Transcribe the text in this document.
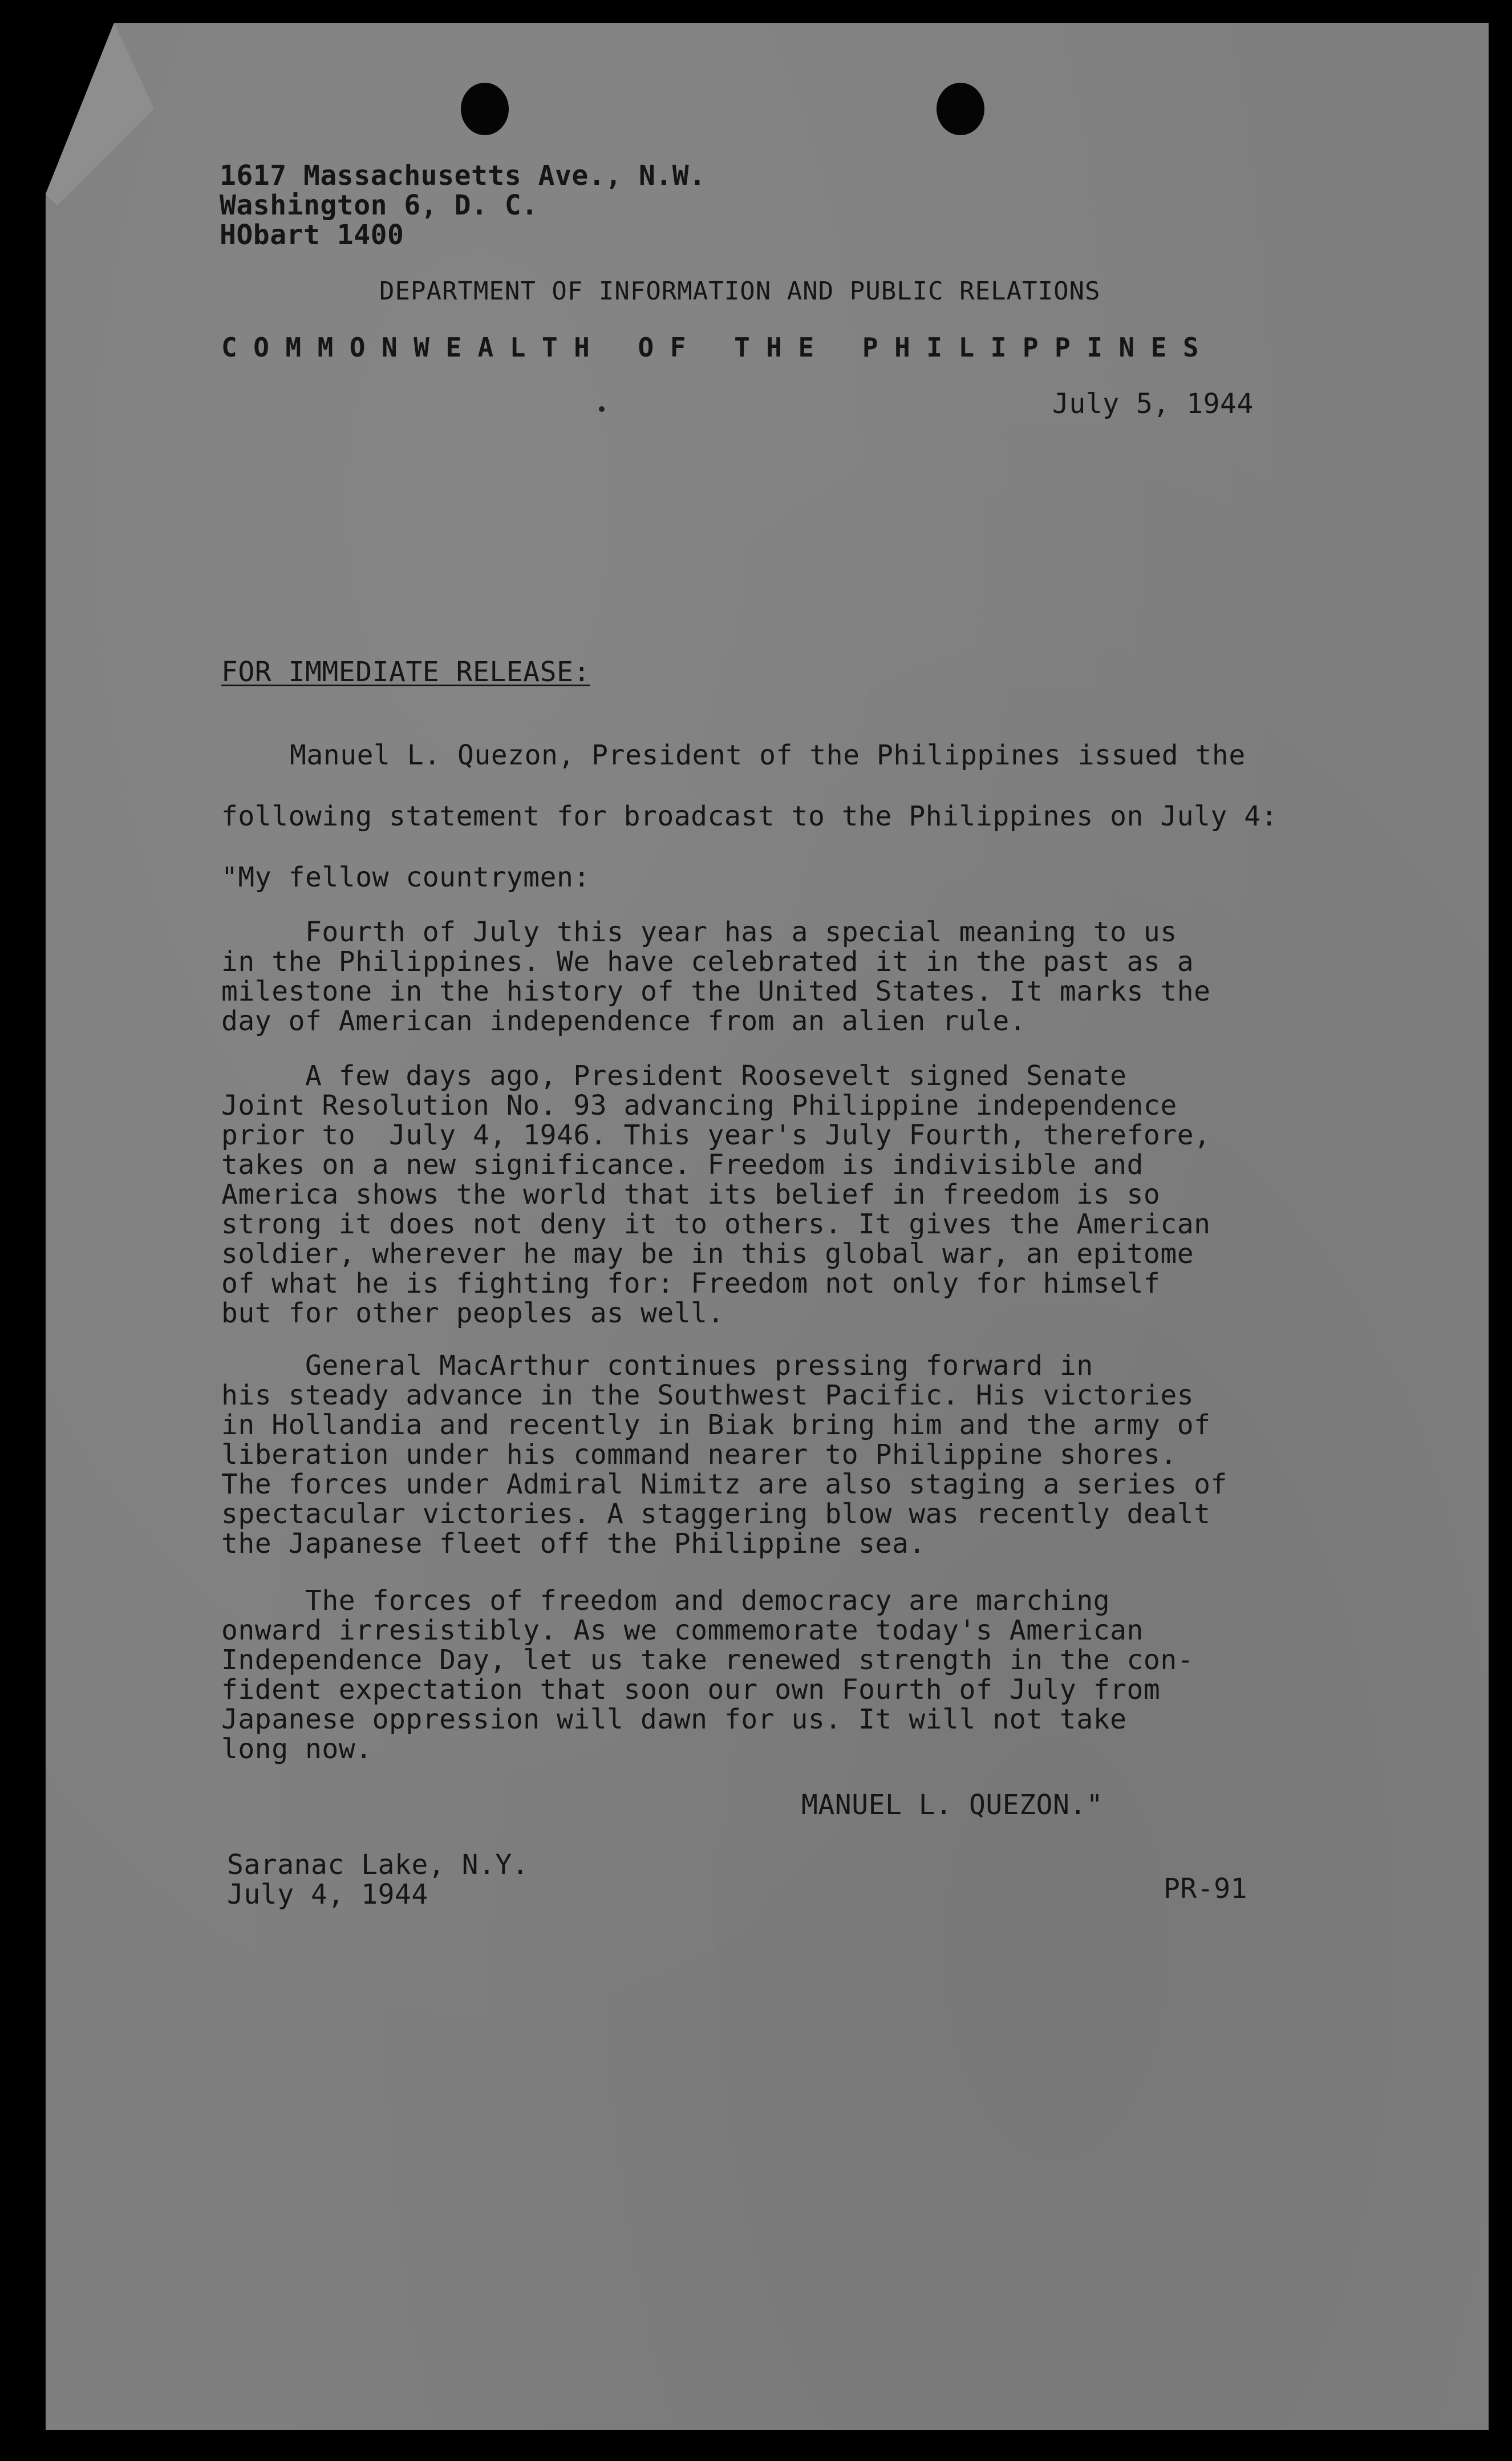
1617 Massachusetts Ave., N.W.
Washington 6, D. C.
HObart 1400
DEPARTMENT OF INFORMATION AND PUBLIC RELATIONS
COMMONWEALTH OF THE PHILIPPINES
July 5, 1944
FOR IMMEDIATE RELEASE:
Manuel L. Quezon, President of the Philippines issued the
following statement for broadcast to the Philippines on July 4:
"My fellow countrymen:
Fourth of July this year has a special meaning to us
in the Philippines. We have celebrated it in the past as a
milestone in the history of the United States. It marks the
day of American independence from an alien rule.
A few days ago, President Roosevelt signed Senate
Joint Resolution No. 93 advancing Philippine independence
prior to  July 4, 1946. This year's July Fourth, therefore,
takes on a new significance. Freedom is indivisible and
America shows the world that its belief in freedom is so
strong it does not deny it to others. It gives the American
soldier, wherever he may be in this global war, an epitome
of what he is fighting for: Freedom not only for himself
but for other peoples as well.
General MacArthur continues pressing forward in
his steady advance in the Southwest Pacific. His victories
in Hollandia and recently in Biak bring him and the army of
liberation under his command nearer to Philippine shores.
The forces under Admiral Nimitz are also staging a series of
spectacular victories. A staggering blow was recently dealt
the Japanese fleet off the Philippine sea.
The forces of freedom and democracy are marching
onward irresistibly. As we commemorate today's American
Independence Day, let us take renewed strength in the con-
fident expectation that soon our own Fourth of July from
Japanese oppression will dawn for us. It will not take
long now.
MANUEL L. QUEZON."
Saranac Lake, N.Y.
July 4, 1944	PR-91
